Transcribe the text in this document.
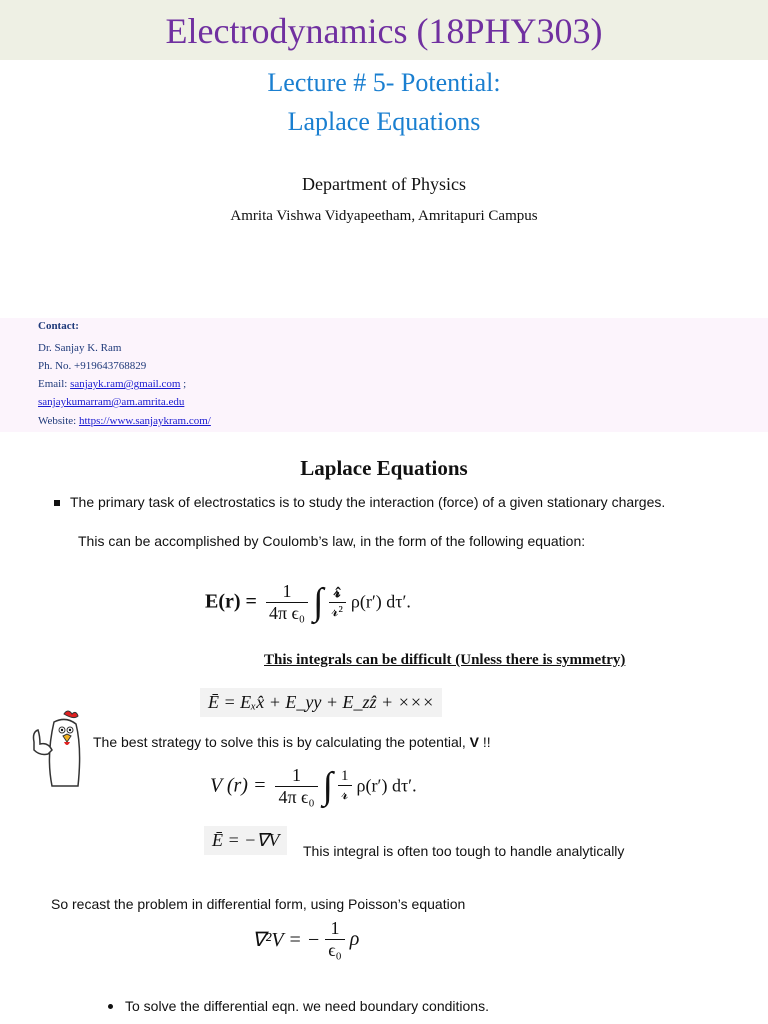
Electrodynamics (18PHY303)
Lecture # 5- Potential:
Laplace Equations
Department of Physics
Amrita Vishwa Vidyapeetham, Amritapuri Campus
Contact:
Dr. Sanjay K. Ram
Ph. No. +919643768829
Email: sanjayk.ram@gmail.com ;
sanjaykumarram@am.amrita.edu
Website: https://www.sanjaykram.com/
Laplace Equations
The primary task of electrostatics is to study the interaction (force) of a given stationary charges.
This can be accomplished by Coulomb’s law, in the form of the following equation:
$E(r) = \frac{1}{\text{4π ϵ₀}}$ ∫ $\frac{\text{𝓻̂}}{\text{𝓻²}} \rho(r')$ dτ′.
This integrals can be difficult (Unless there is symmetry)
Ē = Eₓx̂ + E_yy + E_zẑ + ×××
The best strategy to solve this is by calculating the potential, V !!
V $(r) = \frac{1}{\text{4π ϵ₀}}$ ∫ $\frac{1}{\text{𝓻}} \rho(r')$ dτ′.
Ē = −∇V
This integral is often too tough to handle analytically
So recast the problem in differential form, using Poisson’s equation
∇²V = − $\frac{1}{\text{ϵ₀}}$ ρ
To solve the differential eqn. we need boundary conditions.
